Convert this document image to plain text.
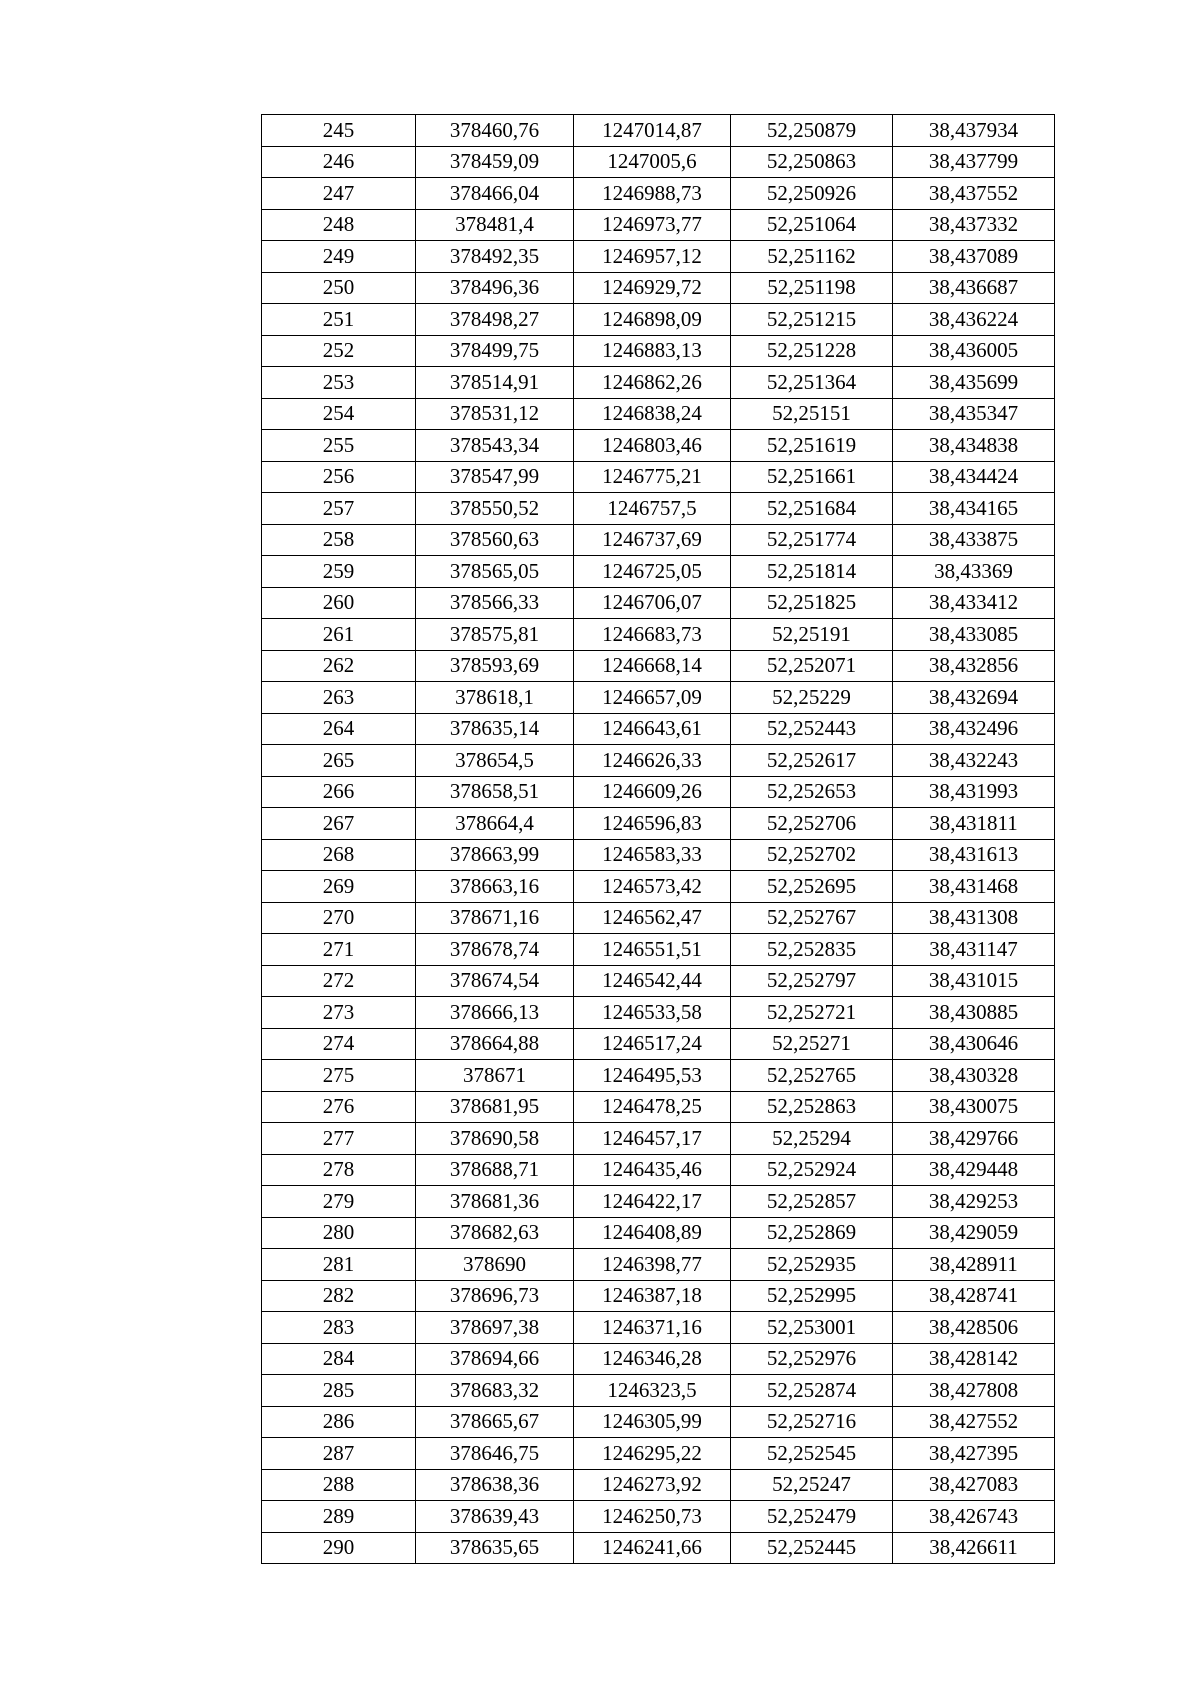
245	378460,76	1247014,87	52,250879	38,437934
246	378459,09	1247005,6	52,250863	38,437799
247	378466,04	1246988,73	52,250926	38,437552
248	378481,4	1246973,77	52,251064	38,437332
249	378492,35	1246957,12	52,251162	38,437089
250	378496,36	1246929,72	52,251198	38,436687
251	378498,27	1246898,09	52,251215	38,436224
252	378499,75	1246883,13	52,251228	38,436005
253	378514,91	1246862,26	52,251364	38,435699
254	378531,12	1246838,24	52,25151	38,435347
255	378543,34	1246803,46	52,251619	38,434838
256	378547,99	1246775,21	52,251661	38,434424
257	378550,52	1246757,5	52,251684	38,434165
258	378560,63	1246737,69	52,251774	38,433875
259	378565,05	1246725,05	52,251814	38,43369
260	378566,33	1246706,07	52,251825	38,433412
261	378575,81	1246683,73	52,25191	38,433085
262	378593,69	1246668,14	52,252071	38,432856
263	378618,1	1246657,09	52,25229	38,432694
264	378635,14	1246643,61	52,252443	38,432496
265	378654,5	1246626,33	52,252617	38,432243
266	378658,51	1246609,26	52,252653	38,431993
267	378664,4	1246596,83	52,252706	38,431811
268	378663,99	1246583,33	52,252702	38,431613
269	378663,16	1246573,42	52,252695	38,431468
270	378671,16	1246562,47	52,252767	38,431308
271	378678,74	1246551,51	52,252835	38,431147
272	378674,54	1246542,44	52,252797	38,431015
273	378666,13	1246533,58	52,252721	38,430885
274	378664,88	1246517,24	52,25271	38,430646
275	378671	1246495,53	52,252765	38,430328
276	378681,95	1246478,25	52,252863	38,430075
277	378690,58	1246457,17	52,25294	38,429766
278	378688,71	1246435,46	52,252924	38,429448
279	378681,36	1246422,17	52,252857	38,429253
280	378682,63	1246408,89	52,252869	38,429059
281	378690	1246398,77	52,252935	38,428911
282	378696,73	1246387,18	52,252995	38,428741
283	378697,38	1246371,16	52,253001	38,428506
284	378694,66	1246346,28	52,252976	38,428142
285	378683,32	1246323,5	52,252874	38,427808
286	378665,67	1246305,99	52,252716	38,427552
287	378646,75	1246295,22	52,252545	38,427395
288	378638,36	1246273,92	52,25247	38,427083
289	378639,43	1246250,73	52,252479	38,426743
290	378635,65	1246241,66	52,252445	38,426611
